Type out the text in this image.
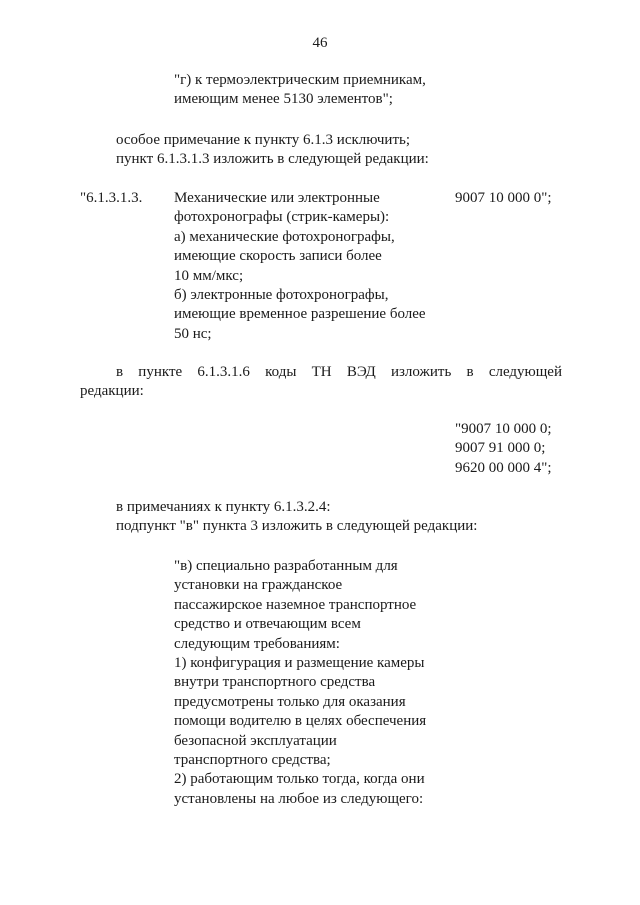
46

"г) к термоэлектрическим приемникам,

имеющим менее 5130 элементов";

особое примечание к пункту 6.1.3 исключить;

пункт 6.1.3.1.3 изложить в следующей редакции:

"6.1.3.1.3. Механические или электронные

фотохронографы (стрик-камеры):

а) механические фотохронографы,

имеющие скорость записи более

10 мм/мкс;

б) электронные фотохронографы,

имеющие временное разрешение более

50 нс;

9007 10 000 0";
в пункте 6.1.3.1.6 коды ТН ВЭД изложить в следующей
редакции:

"9007 10 000 0;

9007 91 000 0;

9620 00 000 4";

в примечаниях к пункту 6.1.3.2.4:

подпункт "в" пункта 3 изложить в следующей редакции:

"в) специально разработанным для

установки на гражданское

пассажирское наземное транспортное

средство и отвечающим всем

следующим требованиям:

1) конфигурация и размещение камеры

внутри транспортного средства

предусмотрены только для оказания

помощи водителю в целях обеспечения

безопасной эксплуатации

транспортного средства;

2) работающим только тогда, когда они

установлены на любое из следующего:
